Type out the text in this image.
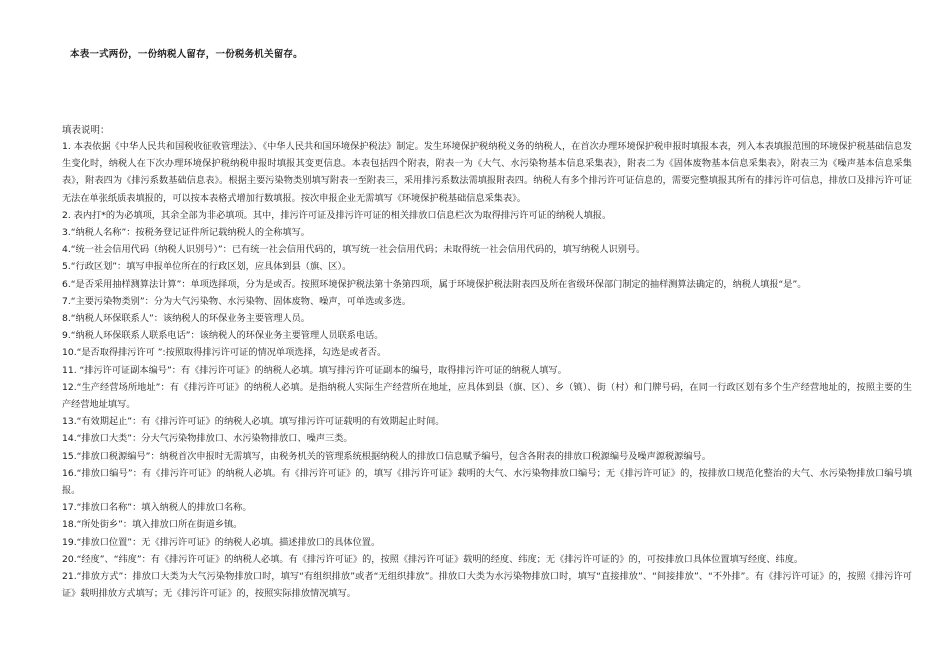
本表一式两份，一份纳税人留存，一份税务机关留存。
填表说明：

1. 本表依据《中华人民共和国税收征收管理法》、《中华人民共和国环境保护税法》制定。发生环境保护税纳税义务的纳税人，在首次办理环境保护税申报时填报本表，列入本表填报范围的环境保护税基础信息发生变化时，纳税人在下次办理环境保护税纳税申报时填报其变更信息。本表包括四个附表，附表一为《大气、水污染物基本信息采集表》，附表二为《固体废物基本信息采集表》，附表三为《噪声基本信息采集表》，附表四为《排污系数基础信息表》。根据主要污染物类别填写附表一至附表三，采用排污系数法需填报附表四。纳税人有多个排污许可证信息的，需要完整填报其所有的排污许可信息，排放口及排污许可证无法在单张纸质表填报的，可以按本表格式增加行数填报。按次申报企业无需填写《环境保护税基础信息采集表》。

2. 表内打*的为必填项，其余全部为非必填项。其中，排污许可证及排污许可证的相关排放口信息栏次为取得排污许可证的纳税人填报。

3.“纳税人名称”：按税务登记证件所记载纳税人的全称填写。

4.“统一社会信用代码（纳税人识别号）”：已有统一社会信用代码的，填写统一社会信用代码；未取得统一社会信用代码的，填写纳税人识别号。

5.“行政区划”：填写申报单位所在的行政区划，应具体到县（旗、区）。

6.“是否采用抽样测算法计算”：单项选择项，分为是或否。按照环境保护税法第十条第四项，属于环境保护税法附表四及所在省级环保部门制定的抽样测算法确定的，纳税人填报“是”。

7.“主要污染物类别”：分为大气污染物、水污染物、固体废物、噪声，可单选或多选。

8.“纳税人环保联系人”：该纳税人的环保业务主要管理人员。

9.“纳税人环保联系人联系电话”：该纳税人的环保业务主要管理人员联系电话。

10.“是否取得排污许可 ”:按照取得排污许可证的情况单项选择，勾选是或者否。

11. “排污许可证副本编号”：有《排污许可证》的纳税人必填。填写排污许可证副本的编号，取得排污许可证的纳税人填写。

12.“生产经营场所地址”：有《排污许可证》的纳税人必填。是指纳税人实际生产经营所在地址，应具体到县（旗、区）、乡（镇）、街（村）和门牌号码，在同一行政区划有多个生产经营地址的，按照主要的生产经营地址填写。

13.“有效期起止”：有《排污许可证》的纳税人必填。填写排污许可证载明的有效期起止时间。

14.“排放口大类”：分大气污染物排放口、水污染物排放口、噪声三类。

15.“排放口税源编号”：纳税首次申报时无需填写，由税务机关的管理系统根据纳税人的排放口信息赋予编号，包含各附表的排放口税源编号及噪声源税源编号。

16.“排放口编号”：有《排污许可证》的纳税人必填。有《排污许可证》的，填写《排污许可证》载明的大气、水污染物排放口编号；无《排污许可证》的，按排放口规范化整治的大气、水污染物排放口编号填报。

17.“排放口名称”：填入纳税人的排放口名称。

18.“所处街乡”：填入排放口所在街道乡镇。

19.“排放口位置”：无《排污许可证》的纳税人必填。描述排放口的具体位置。

20.“经度”、“纬度”：有《排污许可证》的纳税人必填。有《排污许可证》的，按照《排污许可证》载明的经度、纬度；无《排污许可证的》的，可按排放口具体位置填写经度、纬度。

21.“排放方式”：排放口大类为大气污染物排放口时，填写“有组织排放”或者“无组织排放”。排放口大类为水污染物排放口时，填写“直接排放”、“间接排放”、“不外排”。有《排污许可证》的，按照《排污许可证》载明排放方式填写；无《排污许可证》的，按照实际排放情况填写。
